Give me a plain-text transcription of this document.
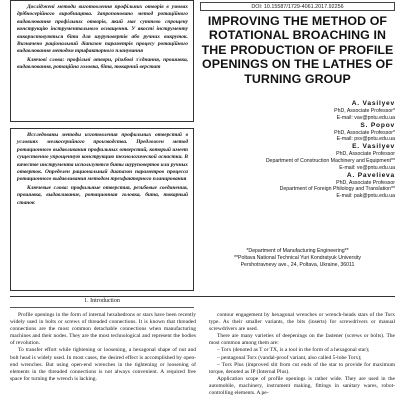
DOI: 10.15587/1729-4061.2017.92256

Досліджені методи виготовлення профільних отворів в умовах дрібносерійного виробництва. Запропоновано метод ротаційного видавлювання профільних отворів, який має суттєво спрощену конструкцію інструментального оснащення. У якості інструменту використовуються біти для шуруповертів або ручних викруток. Визначено раціональний діапазон параметрів процесу ротаційного видавлювання методом трифакторного планування

Ключові слова: профільні отвори, різьбові з'єднання, прошивка, видавлювання, ротаційна головка, біта, токарний верстат

Исследованы методы изготовления профильных отверстий в условиях мелкосерийного производства. Предложен метод ротационного выдавливания профильных отверстий, который имеет существенно упрощенную конструкцию технологической оснастки. В качестве инструмента используются биты шуруповертов или ручных отверток. Определен рациональный диапазон параметров процесса ротационного выдавливания методом трехфакторного планирования

Ключевые слова: профильные отверстия, резьбовые соединения, прошивка, выдавливание, ротационная головка, бита, токарный станок

IMPROVING THE METHOD OF ROTATIONAL BROACHING IN THE PRODUCTION OF PROFILE OPENINGS ON THE LATHES OF TURNING GROUP
A. Vasilyev
PhD, Associate Professor*
E-mail: vav@pntu.edu.ua
S. Popov
PhD, Associate Professor*
E-mail: psv@pntu.edu.ua
E. Vasilyev
PhD, Associate Professor
Department of Construction Machinery and Equipment**
E-mail: ve@pntu.edu.ua
A. Pavelieva
PhD, Associate Professor
Department of Foreign Philology and Translation**
E-mail: pak@pntu.edu.ua
*Department of Manufacturing Engineering**
**Poltava National Technical Yuri Kondratyuk University
Pershotravnevy ave., 24, Poltava, Ukraine, 36011
1. Introduction

Profile openings in the form of internal hexahedrons or stars have been recently widely used in bolts or screws of threaded connections. It is known that threaded connections are the most common detachable connections when manufacturing machines and their nodes. They are the most technological and represent the bodies of revolution.

To transfer effort while tightening or loosening, a hexagonal shape of nut and bolt head is widely used. In most cases, the desired effect is accomplished by open-end wrenches. But using open-end wrenches in the tightening or loosening of elements in the threaded connections is not always convenient. A required free space for turning the wrench is lacking.

contour engagement by hexagonal wrenches or wrench-heads stars of the Torx type. As their smaller variants, the bits (inserts) for screwdrivers or manual screwdrivers are used.

There are many varieties of deepenings on the fastener (screws or bolts). The most common among them are:

– Torx (denoted as T or TX, is a tool in the form of a hexagonal star);

– pentagonal Torx (vandal-proof variant, also called 5-lobe Torx);

– Torx Plus (improved slit from cut ends of the star to provide for maximum torque, denoted as IP (Internal Plus).

Application scope of profile openings is rather wide. They are used in the automobile, machinery, instrument making, fittings in sanitary wares, robot-controlling elements. A pe-
